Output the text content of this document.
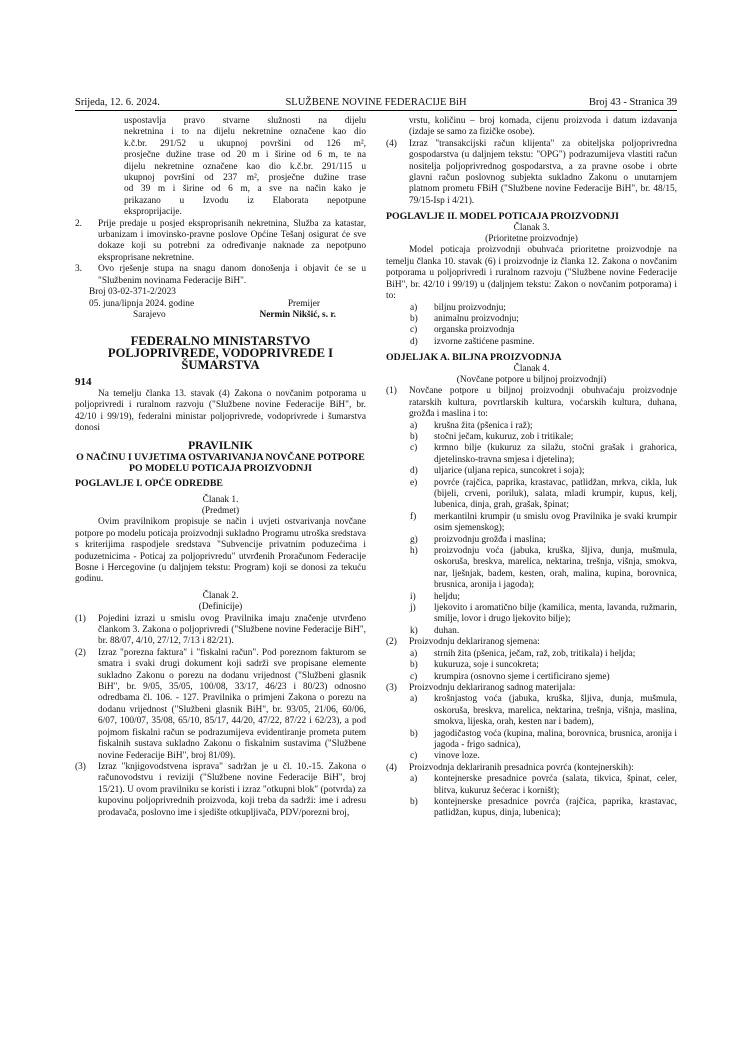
Srijeda, 12. 6. 2024.	SLUŽBENE NOVINE FEDERACIJE BiH	Broj 43 - Stranica 39
uspostavlja pravo stvarne služnosti na dijelu
nekretnina i to na dijelu nekretnine označene kao dio
k.č.br. 291/52 u ukupnoj površini od 126 m²,
prosječne dužine trase od 20 m i širine od 6 m, te na
dijelu nekretnine označene kao dio k.č.br. 291/115 u
ukupnoj površini od 237 m², prosječne dužine trase
od 39 m i širine od 6 m, a sve na način kako je
prikazano u Izvodu iz Elaborata nepotpune
eksproprijacije.
2.	Prije predaje u posjed eksproprisanih nekretnina, Služba za katastar, urbanizam i imovinsko-pravne poslove Općine Tešanj osigurat će sve dokaze koji su potrebni za određivanje naknade za nepotpuno eksproprisane nekretnine.
3.	Ovo rješenje stupa na snagu danom donošenja i objavit će se u "Službenim novinama Federacije BiH".
Broj 03-02-371-2/2023
05. juna/lipnja 2024. godine	Premijer
Sarajevo	Nermin Nikšić, s. r.
FEDERALNO MINISTARSTVO POLJOPRIVREDE, VODOPRIVREDE I ŠUMARSTVA
914
Na temelju članka 13. stavak (4) Zakona o novčanim potporama u poljoprivredi i ruralnom razvoju ("Službene novine Federacije BiH", br. 42/10 i 99/19), federalni ministar poljoprivrede, vodoprivrede i šumarstva donosi
PRAVILNIK
O NAČINU I UVJETIMA OSTVARIVANJA NOVČANE POTPORE PO MODELU POTICAJA PROIZVODNJI
POGLAVLJE I. OPĆE ODREDBE
Članak 1.
(Predmet)
Ovim pravilnikom propisuje se način i uvjeti ostvarivanja novčane potpore po modelu poticaja proizvodnji sukladno Programu utroška sredstava s kriterijima raspodjele sredstava "Subvencije privatnim poduzećima i poduzetnicima - Poticaj za poljoprivredu" utvrđenih Proračunom Federacije Bosne i Hercegovine (u daljnjem tekstu: Program) koji se donosi za tekuću godinu.
Članak 2.
(Definicije)
(1)	Pojedini izrazi u smislu ovog Pravilnika imaju značenje utvrđeno člankom 3. Zakona o poljoprivredi ("Službene novine Federacije BiH", br. 88/07, 4/10, 27/12, 7/13 i 82/21).
(2)	Izraz "porezna faktura" i "fiskalni račun". Pod poreznom fakturom se smatra i svaki drugi dokument koji sadrži sve propisane elemente sukladno Zakonu o porezu na dodanu vrijednost ("Službeni glasnik BiH", br. 9/05, 35/05, 100/08, 33/17, 46/23 i 80/23) odnosno odredbama čl. 106. - 127. Pravilnika o primjeni Zakona o porezu na dodanu vrijednost ("Službeni glasnik BiH", br. 93/05, 21/06, 60/06, 6/07, 100/07, 35/08, 65/10, 85/17, 44/20, 47/22, 87/22 i 62/23), a pod pojmom fiskalni račun se podrazumijeva evidentiranje prometa putem fiskalnih sustava sukladno Zakonu o fiskalnim sustavima ("Službene novine Federacije BiH", broj 81/09).
(3)	Izraz "knjigovodstvena isprava" sadržan je u čl. 10.-15. Zakona o računovodstvu i reviziji ("Službene novine Federacije BiH", broj 15/21). U ovom pravilniku se koristi i izraz "otkupni blok" (potvrda) za kupovinu poljoprivrednih proizvoda, koji treba da sadrži: ime i adresu prodavača, poslovno ime i sjedište otkupljivača, PDV/porezni broj,
vrstu, količinu – broj komada, cijenu proizvoda i datum izdavanja (izdaje se samo za fizičke osobe).
(4)	Izraz "transakcijski račun klijenta" za obiteljska poljoprivredna gospodarstva (u daljnjem tekstu: "OPG") podrazumijeva vlastiti račun nositelja poljoprivrednog gospodarstva, a za pravne osobe i obrte glavni račun poslovnog subjekta sukladno Zakonu o unutarnjem platnom prometu FBiH ("Službene novine Federacije BiH", br. 48/15, 79/15-Isp i 4/21).
POGLAVLJE II. MODEL POTICAJA PROIZVODNJI
Članak 3.
(Prioritetne proizvodnje)
Model poticaja proizvodnji obuhvaća prioritetne proizvodnje na temelju članka 10. stavak (6) i proizvodnje iz članka 12. Zakona o novčanim potporama u poljoprivredi i ruralnom razvoju ("Službene novine Federacije BiH", br. 42/10 i 99/19) u (daljnjem tekstu: Zakon o novčanim potporama) i to:
a)	biljnu proizvodnju;
b)	animalnu proizvodnju;
c)	organska proizvodnja
d)	izvorne zaštićene pasmine.
ODJELJAK A. BILJNA PROIZVODNJA
Članak 4.
(Novčane potpore u biljnoj proizvodnji)
(1)	Novčane potpore u biljnoj proizvodnji obuhvaćaju proizvodnje ratarskih kultura, povrtlarskih kultura, voćarskih kultura, duhana, grožđa i maslina i to:
a)	krušna žita (pšenica i raž);
b)	stočni ječam, kukuruz, zob i tritikale;
c)	krmno bilje (kukuruz za silažu, stočni grašak i grahorica, djetelinsko-travna smjesa i djetelina);
d)	uljarice (uljana repica, suncokret i soja);
e)	povrće (rajčica, paprika, krastavac, patlidžan, mrkva, cikla, luk (bijeli, crveni, poriluk), salata, mladi krumpir, kupus, kelj, lubenica, dinja, grah, grašak, špinat;
f)	merkantilni krumpir (u smislu ovog Pravilnika je svaki krumpir osim sjemenskog);
g)	proizvodnju grožđa i maslina;
h)	proizvodnju voća (jabuka, kruška, šljiva, dunja, mušmula, oskoruša, breskva, marelica, nektarina, trešnja, višnja, smokva, nar, lješnjak, badem, kesten, orah, malina, kupina, borovnica, brusnica, aronija i jagoda);
i)	heljdu;
j)	ljekovito i aromatično bilje (kamilica, menta, lavanda, ružmarin, smilje, lovor i drugo ljekovito bilje);
k)	duhan.
(2)	Proizvodnju deklariranog sjemena:
a)	strnih žita (pšenica, ječam, raž, zob, tritikala) i heljda;
b)	kukuruza, soje i suncokreta;
c)	krumpira (osnovno sjeme i certificirano sjeme)
(3)	Proizvodnju deklariranog sadnog materijala:
a)	krošnjastog voća (jabuka, kruška, šljiva, dunja, mušmula, oskoruša, breskva, marelica, nektarina, trešnja, višnja, maslina, smokva, lijeska, orah, kesten nar i badem),
b)	jagodičastog voća (kupina, malina, borovnica, brusnica, aronija i jagoda - frigo sadnica),
c)	vinove loze.
(4)	Proizvodnja deklariranih presadnica povrća (kontejnerskih):
a)	kontejnerske presadnice povrća (salata, tikvica, špinat, celer, blitva, kukuruz šećerac i korništ);
b)	kontejnerske presadnice povrća (rajčica, paprika, krastavac, patlidžan, kupus, dinja, lubenica);
